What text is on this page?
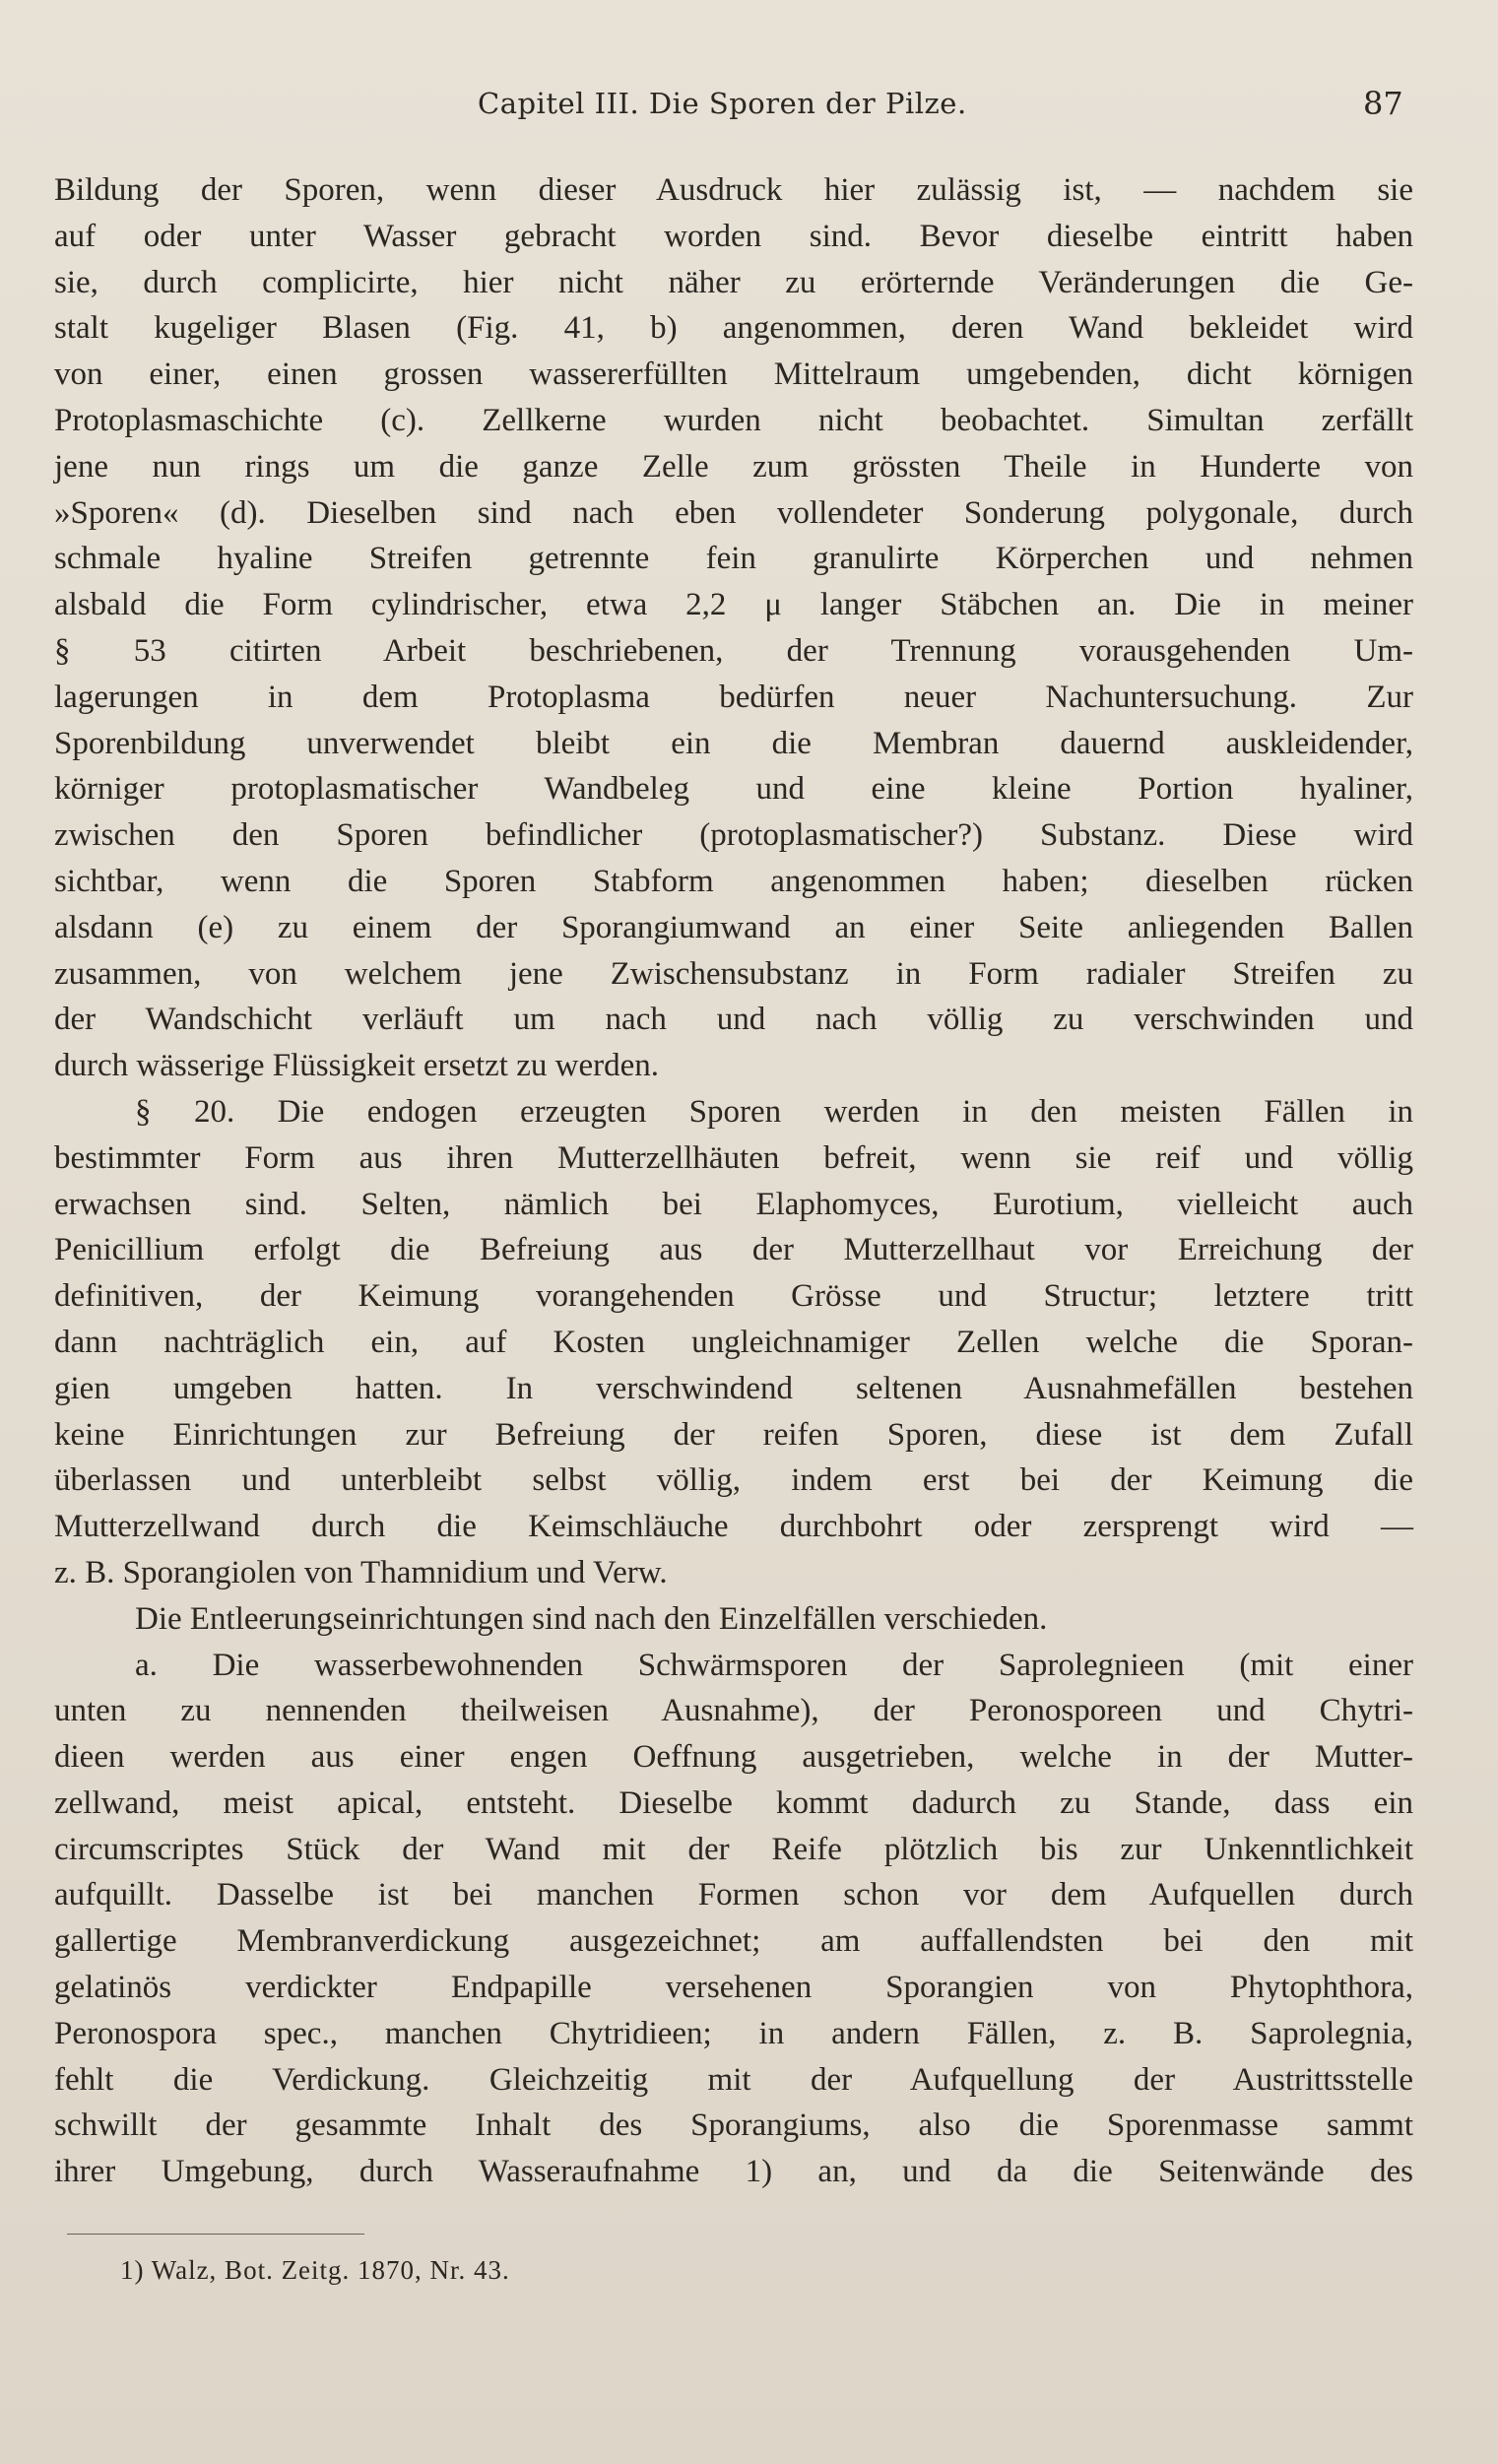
Capitel III. Die Sporen der Pilze.	87
Bildung der Sporen, wenn dieser Ausdruck hier zulässig ist, — nachdem sie
auf oder unter Wasser gebracht worden sind. Bevor dieselbe eintritt haben
sie, durch complicirte, hier nicht näher zu erörternde Veränderungen die Ge-
stalt kugeliger Blasen (Fig. 41, b) angenommen, deren Wand bekleidet wird
von einer, einen grossen wassererfüllten Mittelraum umgebenden, dicht körnigen
Protoplasmaschichte (c). Zellkerne wurden nicht beobachtet. Simultan zerfällt
jene nun rings um die ganze Zelle zum grössten Theile in Hunderte von
»Sporen« (d). Dieselben sind nach eben vollendeter Sonderung polygonale, durch
schmale hyaline Streifen getrennte fein granulirte Körperchen und nehmen
alsbald die Form cylindrischer, etwa 2,2 μ langer Stäbchen an. Die in meiner
§ 53 citirten Arbeit beschriebenen, der Trennung vorausgehenden Um-
lagerungen in dem Protoplasma bedürfen neuer Nachuntersuchung. Zur
Sporenbildung unverwendet bleibt ein die Membran dauernd auskleidender,
körniger protoplasmatischer Wandbeleg und eine kleine Portion hyaliner,
zwischen den Sporen befindlicher (protoplasmatischer?) Substanz. Diese wird
sichtbar, wenn die Sporen Stabform angenommen haben; dieselben rücken
alsdann (e) zu einem der Sporangiumwand an einer Seite anliegenden Ballen
zusammen, von welchem jene Zwischensubstanz in Form radialer Streifen zu
der Wandschicht verläuft um nach und nach völlig zu verschwinden und
durch wässerige Flüssigkeit ersetzt zu werden.
§ 20. Die endogen erzeugten Sporen werden in den meisten Fällen in
bestimmter Form aus ihren Mutterzellhäuten befreit, wenn sie reif und völlig
erwachsen sind. Selten, nämlich bei Elaphomyces, Eurotium, vielleicht auch
Penicillium erfolgt die Befreiung aus der Mutterzellhaut vor Erreichung der
definitiven, der Keimung vorangehenden Grösse und Structur; letztere tritt
dann nachträglich ein, auf Kosten ungleichnamiger Zellen welche die Sporan-
gien umgeben hatten. In verschwindend seltenen Ausnahmefällen bestehen
keine Einrichtungen zur Befreiung der reifen Sporen, diese ist dem Zufall
überlassen und unterbleibt selbst völlig, indem erst bei der Keimung die
Mutterzellwand durch die Keimschläuche durchbohrt oder zersprengt wird —
z. B. Sporangiolen von Thamnidium und Verw.
Die Entleerungseinrichtungen sind nach den Einzelfällen verschieden.
a. Die wasserbewohnenden Schwärmsporen der Saprolegnieen (mit einer
unten zu nennenden theilweisen Ausnahme), der Peronosporeen und Chytri-
dieen werden aus einer engen Oeffnung ausgetrieben, welche in der Mutter-
zellwand, meist apical, entsteht. Dieselbe kommt dadurch zu Stande, dass ein
circumscriptes Stück der Wand mit der Reife plötzlich bis zur Unkenntlichkeit
aufquillt. Dasselbe ist bei manchen Formen schon vor dem Aufquellen durch
gallertige Membranverdickung ausgezeichnet; am auffallendsten bei den mit
gelatinös verdickter Endpapille versehenen Sporangien von Phytophthora,
Peronospora spec., manchen Chytridieen; in andern Fällen, z. B. Saprolegnia,
fehlt die Verdickung. Gleichzeitig mit der Aufquellung der Austrittsstelle
schwillt der gesammte Inhalt des Sporangiums, also die Sporenmasse sammt
ihrer Umgebung, durch Wasseraufnahme 1) an, und da die Seitenwände des
1) Walz, Bot. Zeitg. 1870, Nr. 43.
